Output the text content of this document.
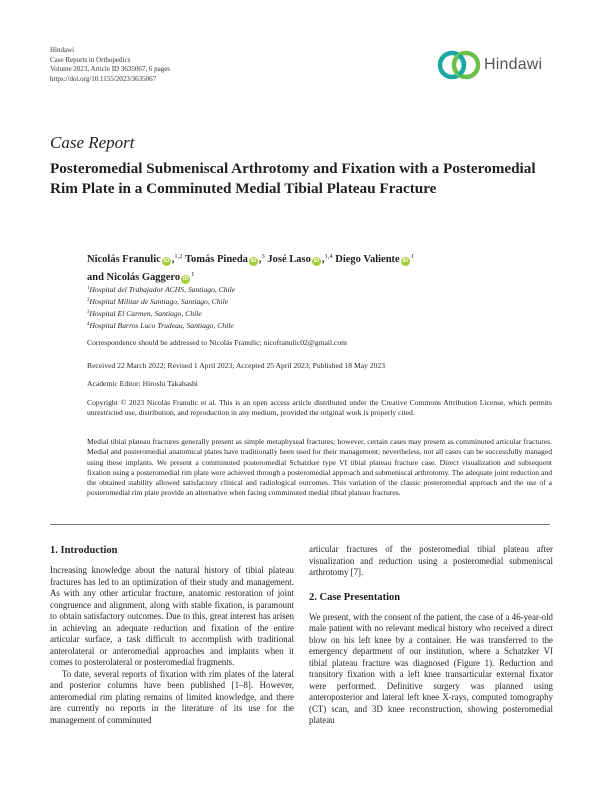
Hindawi
Case Reports in Orthopedics
Volume 2023, Article ID 3635067, 6 pages
https://doi.org/10.1155/2023/3635067
Hindawi
Case Report
Posteromedial Submeniscal Arthrotomy and Fixation with a Posteromedial Rim Plate in a Comminuted Medial Tibial Plateau Fracture
Nicolás Franulic iD ,$^{1,2}$ Tomás Pineda iD ,$^3$ José Laso iD ,$^{1,4}$ Diego Valiente $iD^1$
and Nicolás Gaggero $iD^1$
$^1$Hospital del Trabajador ACHS, Santiago, Chile
$^2$Hospital Militar de Santiago, Santiago, Chile
$^3$Hospital El Carmen, Santiago, Chile
$^4$Hospital Barros Luco Trudeau, Santiago, Chile
Correspondence should be addressed to Nicolás Franulic; nicofranulic02@gmail.com
Received 22 March 2022; Revised 1 April 2023; Accepted 25 April 2023; Published 18 May 2023
Academic Editor: Hiroshi Takahashi
Copyright © 2023 Nicolás Franulic et al. This is an open access article distributed under the Creative Commons Attribution License, which permits unrestricted use, distribution, and reproduction in any medium, provided the original work is properly cited.
Medial tibial plateau fractures generally present as simple metaphyseal fractures; however, certain cases may present as comminuted articular fractures. Medial and posteromedial anatomical plates have traditionally been used for their management; nevertheless, not all cases can be successfully managed using these implants. We present a comminuted posteromedial Schatzker type VI tibial plateau fracture case. Direct visualization and subsequent fixation using a posteromedial rim plate were achieved through a posteromedial approach and submeniscal arthrotomy. The adequate joint reduction and the obtained stability allowed satisfactory clinical and radiological outcomes. This variation of the classic posteromedial approach and the use of a posteromedial rim plate provide an alternative when facing comminuted medial tibial plateau fractures.
1. Introduction

Increasing knowledge about the natural history of tibial plateau fractures has led to an optimization of their study and management. As with any other articular fracture, anatomic restoration of joint congruence and alignment, along with stable fixation, is paramount to obtain satisfactory outcomes. Due to this, great interest has arisen in achieving an adequate reduction and fixation of the entire articular surface, a task difficult to accomplish with traditional anterolateral or anteromedial approaches and implants when it comes to posterolateral or posteromedial fragments.

To date, several reports of fixation with rim plates of the lateral and posterior columns have been published [1–8]. However, anteromedial rim plating remains of limited knowledge, and there are currently no reports in the literature of its use for the management of comminuted

articular fractures of the posteromedial tibial plateau after visualization and reduction using a posteromedial submeniscal arthrotomy [7].

2. Case Presentation

We present, with the consent of the patient, the case of a 46-year-old male patient with no relevant medical history who received a direct blow on his left knee by a container. He was transferred to the emergency department of our institution, where a Schatzker VI tibial plateau fracture was diagnosed (Figure 1). Reduction and transitory fixation with a left knee transarticular external fixator were performed. Definitive surgery was planned using anteroposterior and lateral left knee X-rays, computed tomography (CT) scan, and 3D knee reconstruction, showing posteromedial plateau
